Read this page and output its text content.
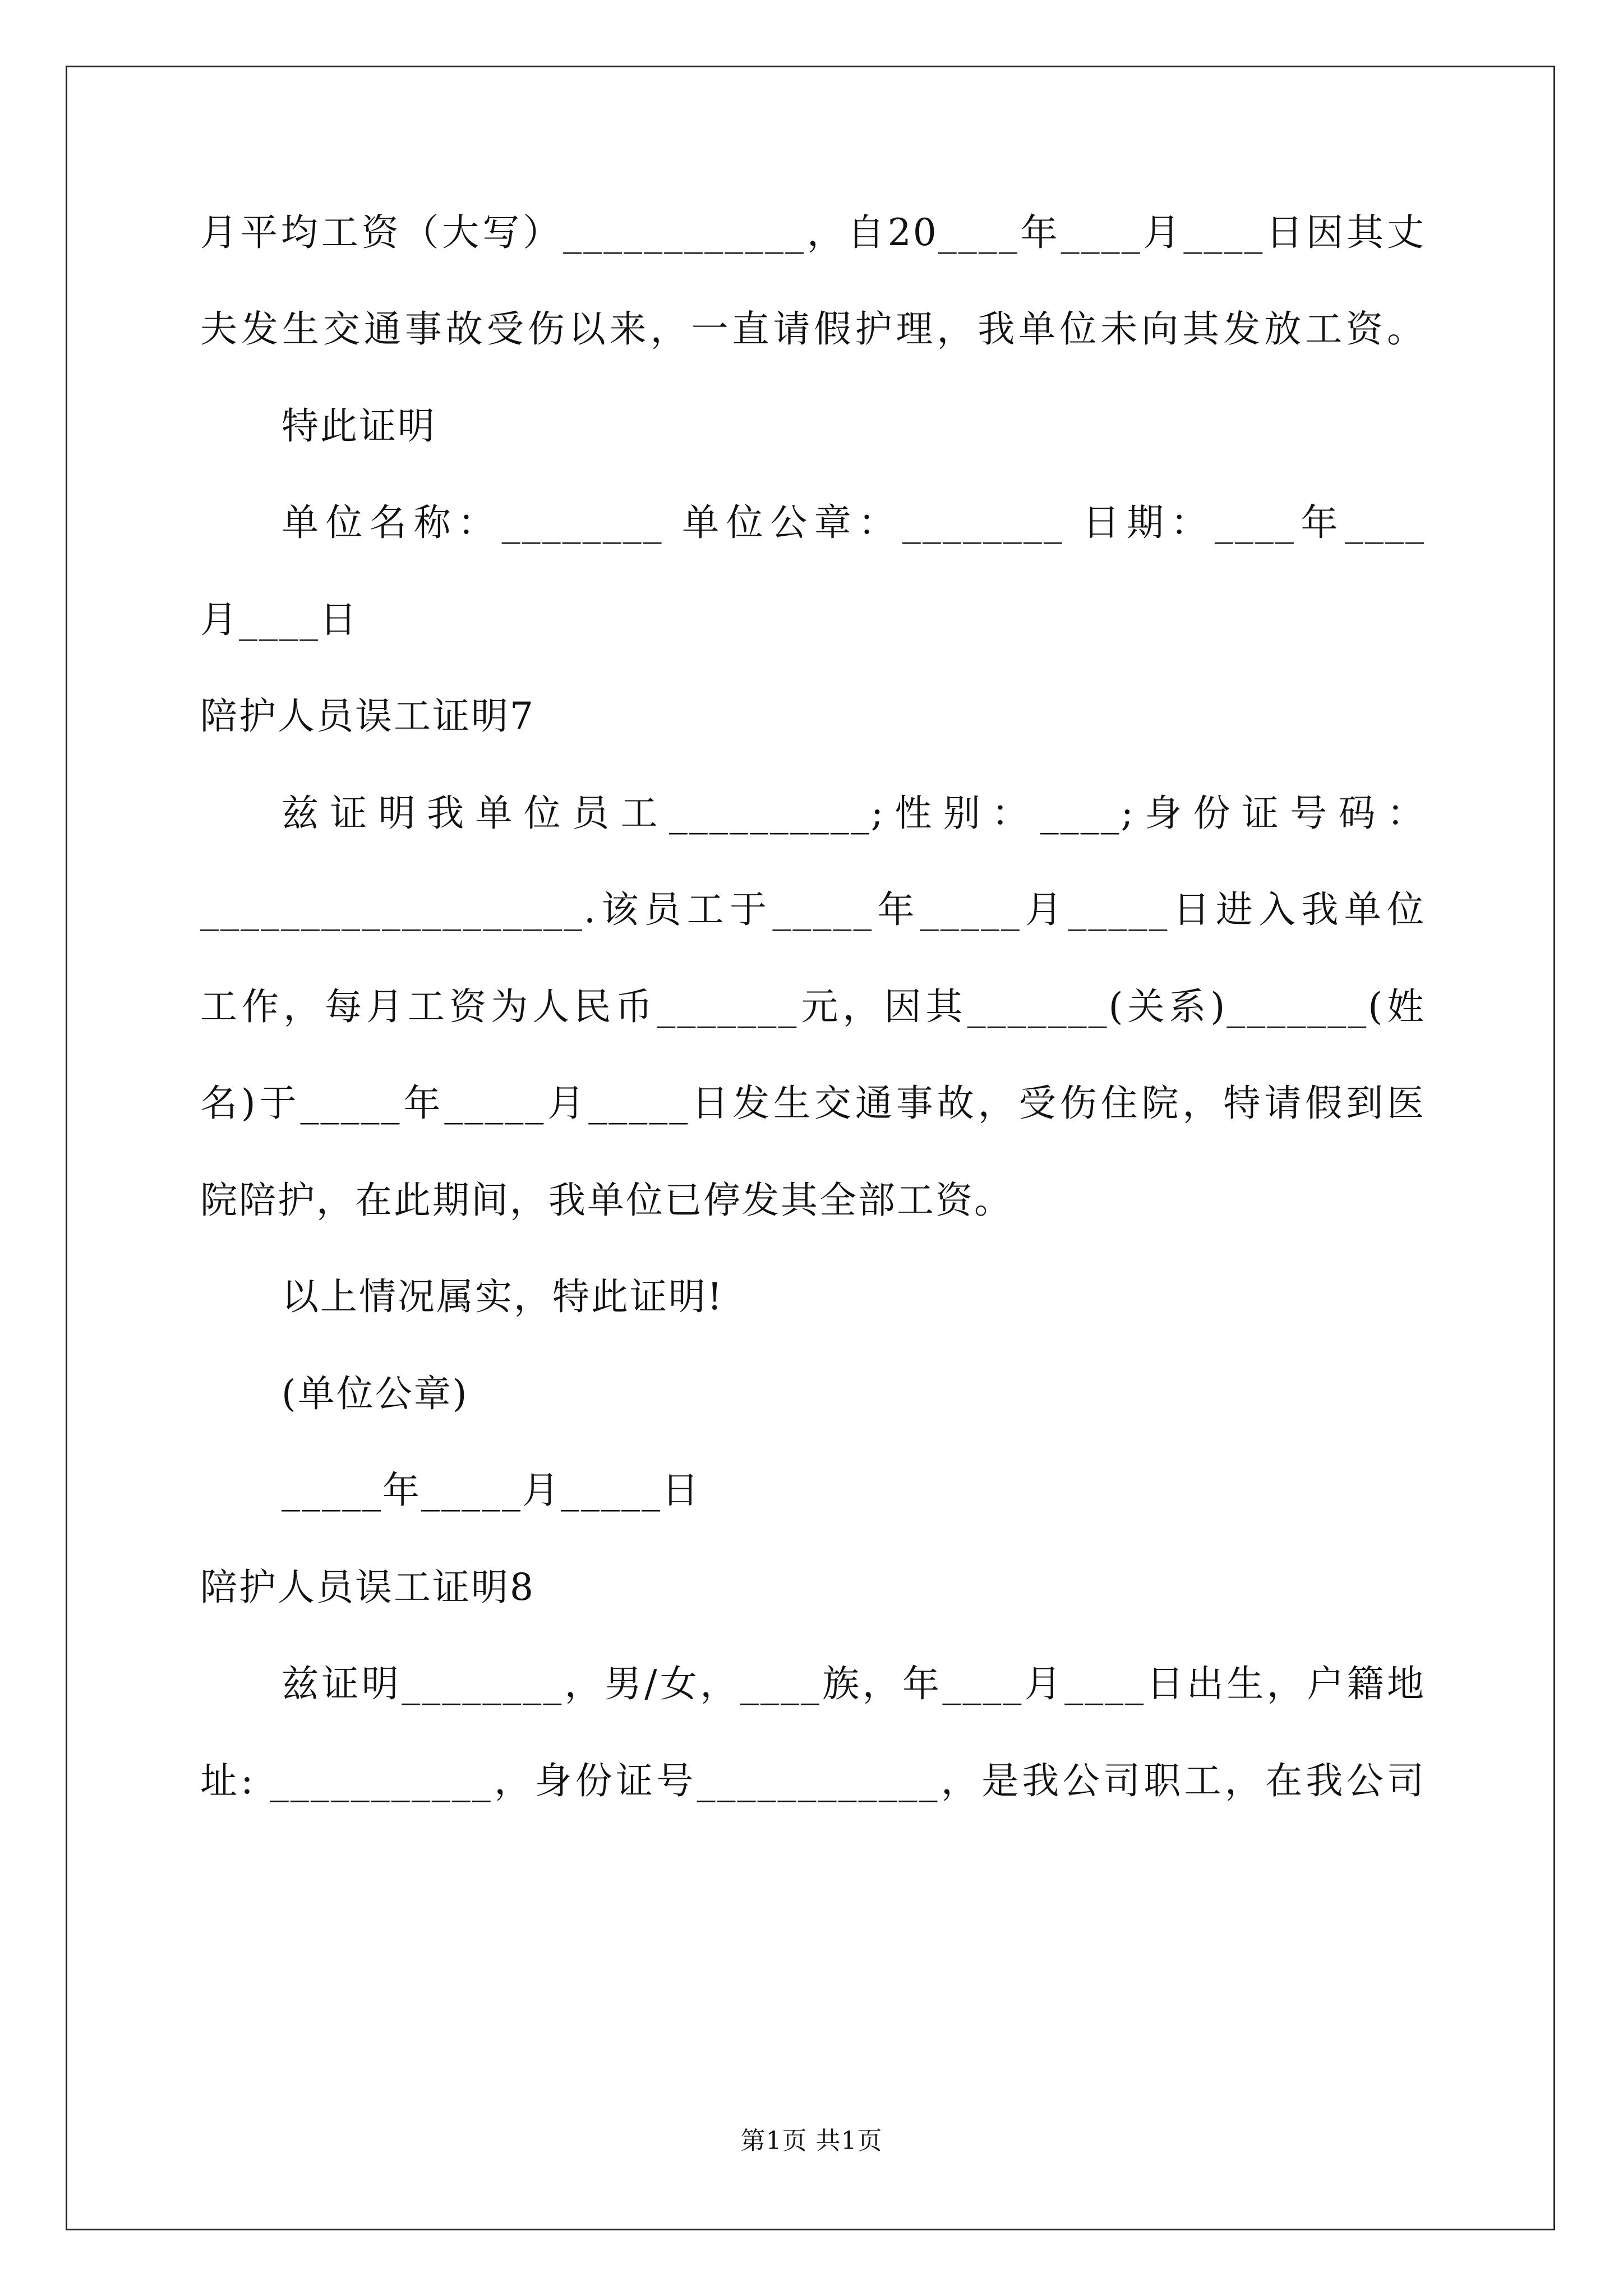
月平均工资（大写）____________，自20____年____月____日因其丈
夫发生交通事故受伤以来，一直请假护理，我单位未向其发放工资。
特此证明
单位名称：________ 单位公章：________ 日期：____年____
月____日
陪护人员误工证明7
兹证明我单位员工__________;性别：____;身份证号码：
___________________.该员工于_____年_____月_____日进入我单位
工作，每月工资为人民币_______元，因其_______(关系)_______(姓
名)于_____年_____月_____日发生交通事故，受伤住院，特请假到医
院陪护，在此期间，我单位已停发其全部工资。
以上情况属实，特此证明!
(单位公章)
_____年_____月_____日
陪护人员误工证明8
兹证明________，男/女，____族，年____月____日出生，户籍地
址: ___________，身份证号____________，是我公司职工，在我公司
第1页 共1页
